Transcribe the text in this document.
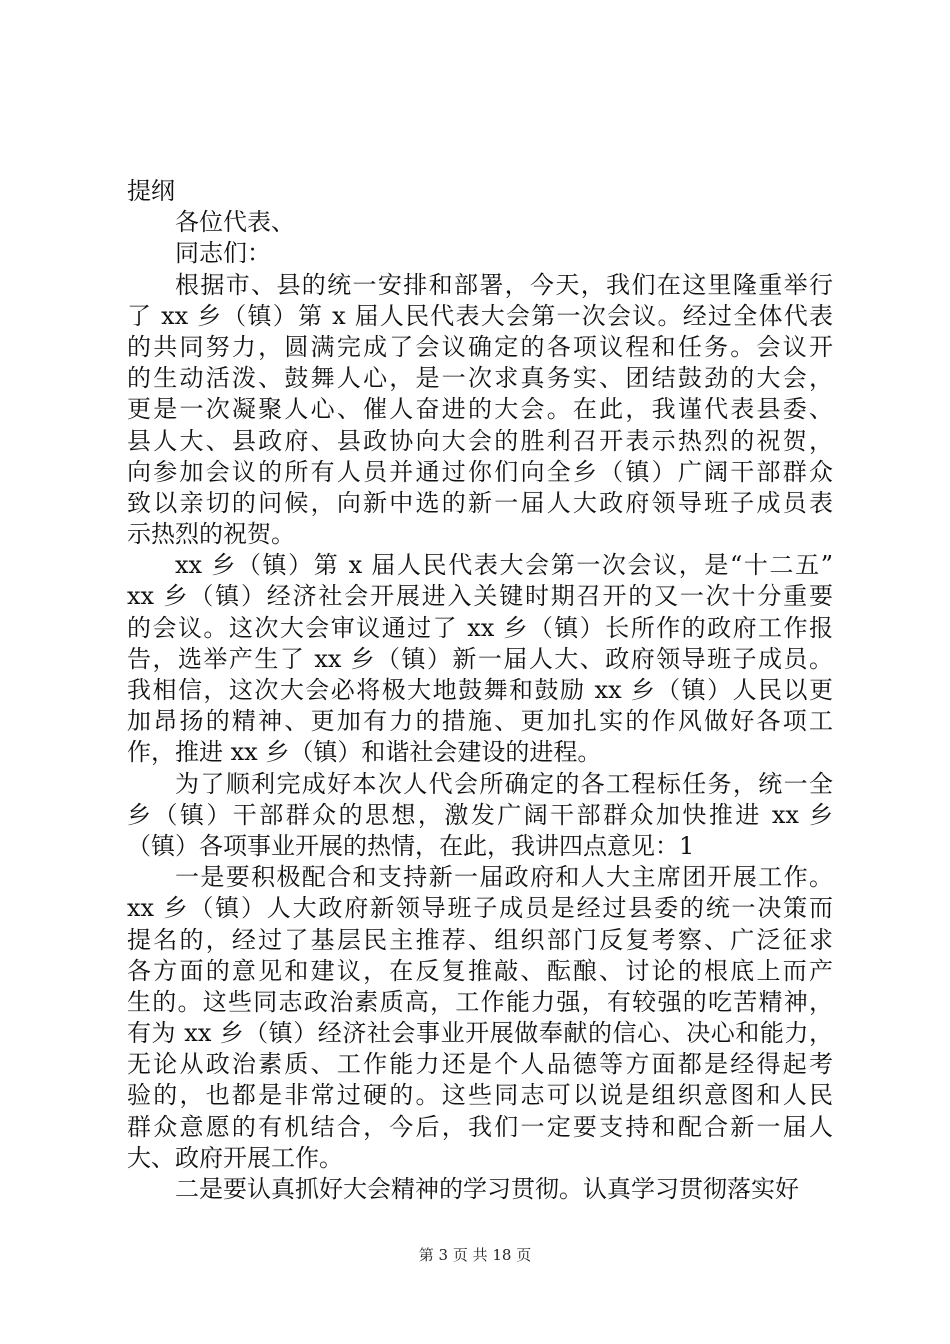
提纲
各位代表、
同志们：
根据市、县的统一安排和部署，今天，我们在这里隆重举行
了 xx 乡（镇）第 x 届人民代表大会第一次会议。经过全体代表
的共同努力，圆满完成了会议确定的各项议程和任务。会议开
的生动活泼、鼓舞人心，是一次求真务实、团结鼓劲的大会，
更是一次凝聚人心、催人奋进的大会。在此，我谨代表县委、
县人大、县政府、县政协向大会的胜利召开表示热烈的祝贺，
向参加会议的所有人员并通过你们向全乡（镇）广阔干部群众
致以亲切的问候，向新中选的新一届人大政府领导班子成员表
示热烈的祝贺。
xx 乡（镇）第 x 届人民代表大会第一次会议，是“十二五”
xx 乡（镇）经济社会开展进入关键时期召开的又一次十分重要
的会议。这次大会审议通过了 xx 乡（镇）长所作的政府工作报
告，选举产生了 xx 乡（镇）新一届人大、政府领导班子成员。
我相信，这次大会必将极大地鼓舞和鼓励 xx 乡（镇）人民以更
加昂扬的精神、更加有力的措施、更加扎实的作风做好各项工
作，推进 xx 乡（镇）和谐社会建设的进程。
为了顺利完成好本次人代会所确定的各工程标任务，统一全
乡（镇）干部群众的思想，激发广阔干部群众加快推进 xx 乡
（镇）各项事业开展的热情，在此，我讲四点意见：1
一是要积极配合和支持新一届政府和人大主席团开展工作。
xx 乡（镇）人大政府新领导班子成员是经过县委的统一决策而
提名的，经过了基层民主推荐、组织部门反复考察、广泛征求
各方面的意见和建议，在反复推敲、酝酿、讨论的根底上而产
生的。这些同志政治素质高，工作能力强，有较强的吃苦精神，
有为 xx 乡（镇）经济社会事业开展做奉献的信心、决心和能力，
无论从政治素质、工作能力还是个人品德等方面都是经得起考
验的，也都是非常过硬的。这些同志可以说是组织意图和人民
群众意愿的有机结合，今后，我们一定要支持和配合新一届人
大、政府开展工作。
二是要认真抓好大会精神的学习贯彻。认真学习贯彻落实好
第 3 页 共 18 页
